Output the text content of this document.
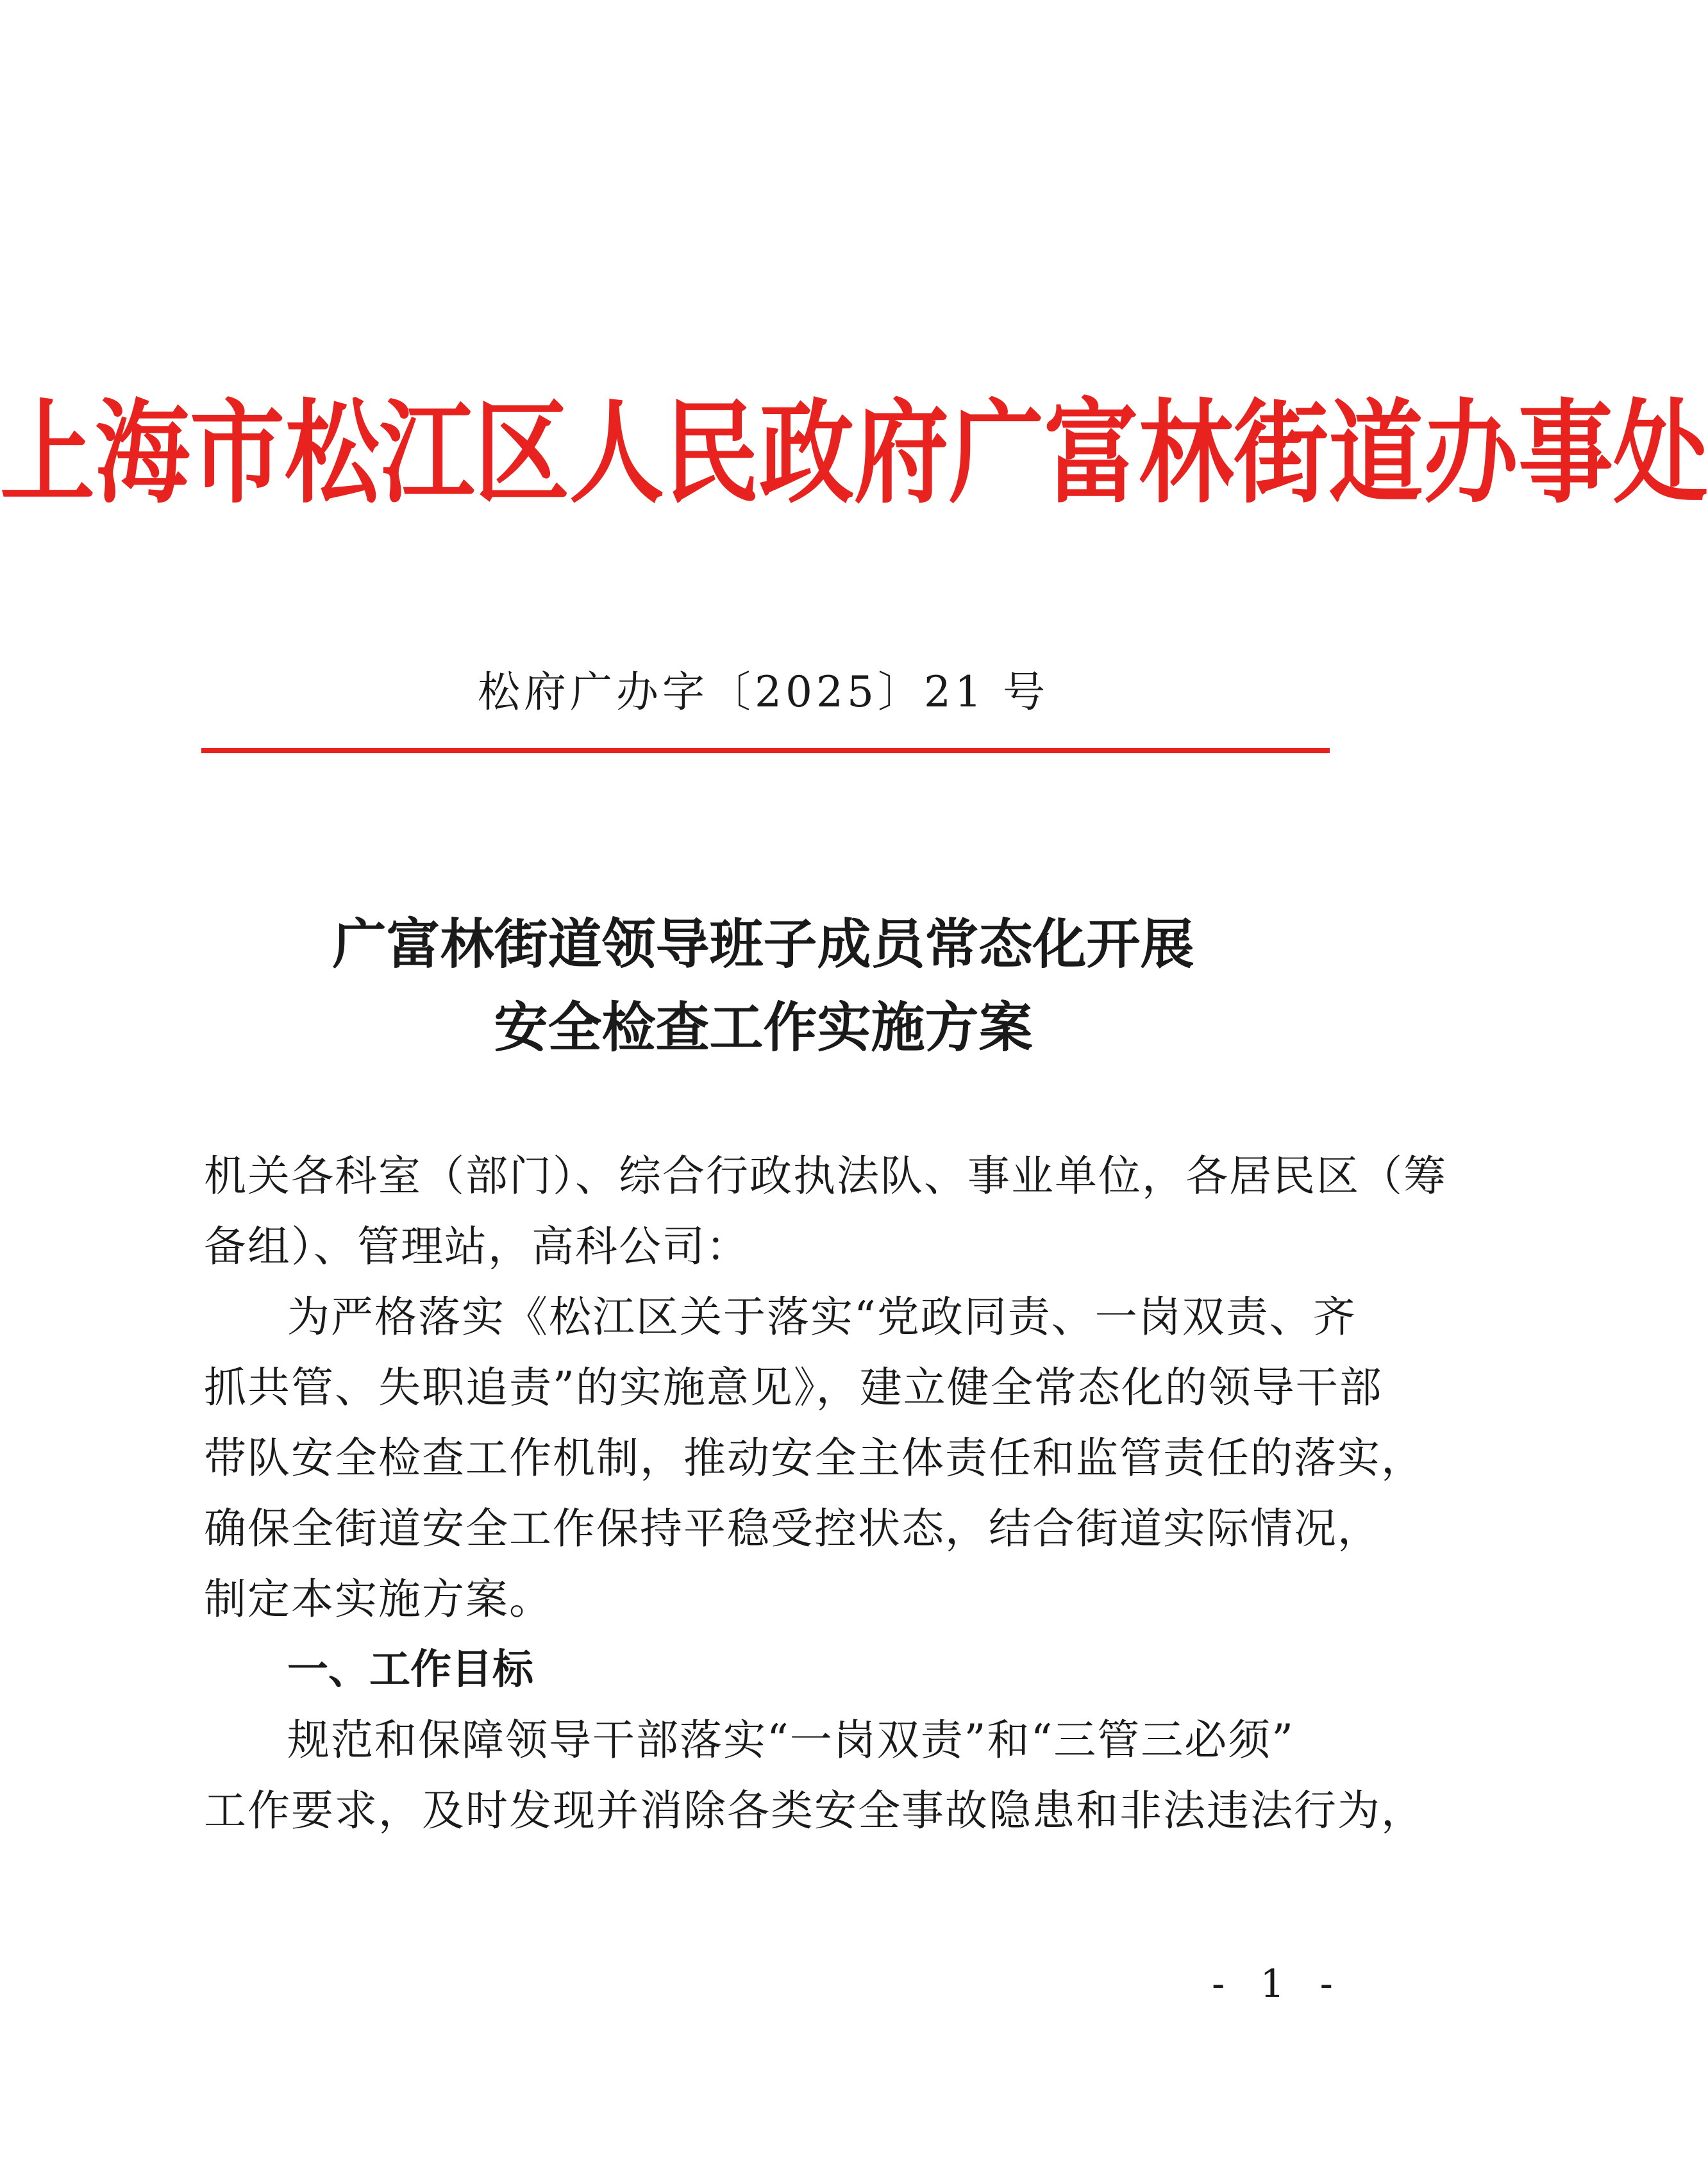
上海市松江区人民政府广富林街道办事处
松府广办字〔2025〕21 号
广富林街道领导班子成员常态化开展
安全检查工作实施方案
机关各科室（部门）、综合行政执法队、事业单位，各居民区（筹
备组）、管理站，高科公司：
为严格落实《松江区关于落实“党政同责、一岗双责、齐
抓共管、失职追责”的实施意见》，建立健全常态化的领导干部
带队安全检查工作机制，推动安全主体责任和监管责任的落实，
确保全街道安全工作保持平稳受控状态，结合街道实际情况，
制定本实施方案。
一、工作目标
规范和保障领导干部落实“一岗双责”和“三管三必须”
工作要求，及时发现并消除各类安全事故隐患和非法违法行为，
- 1 -
